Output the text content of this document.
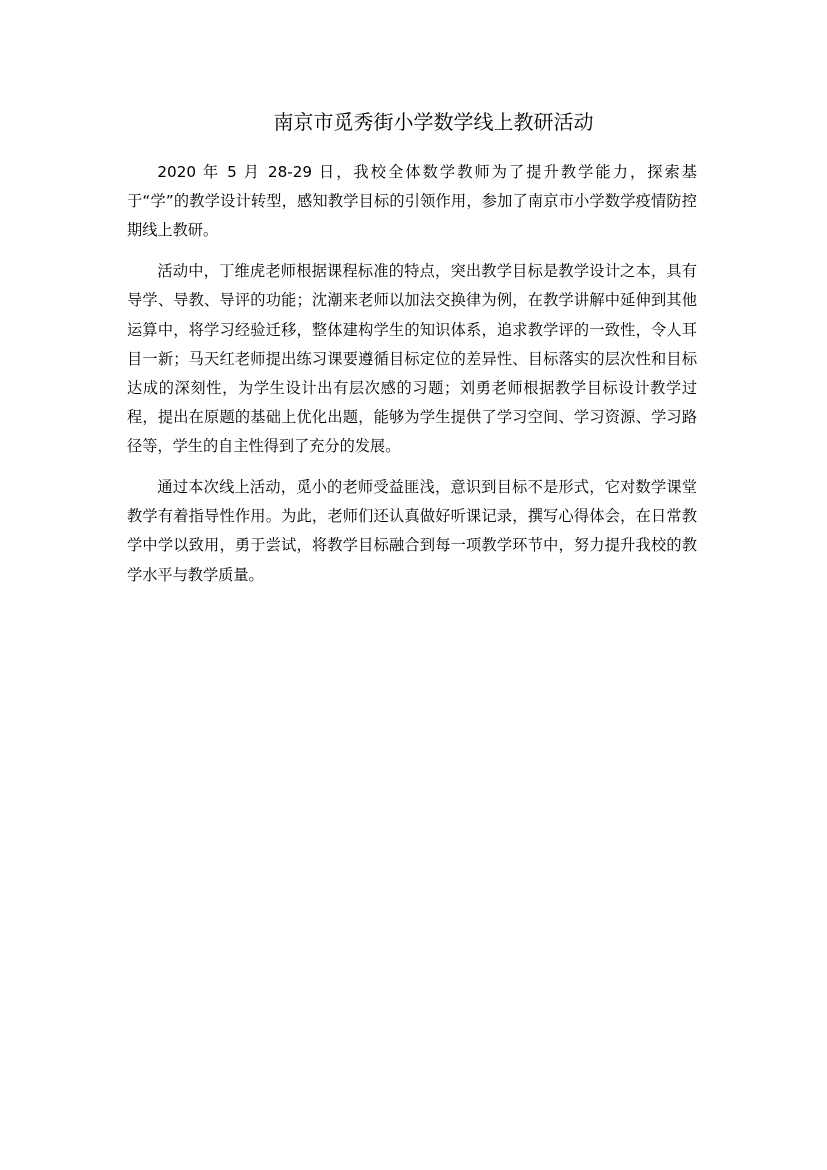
南京市觅秀街小学数学线上教研活动

2020 年 5 月 28-29 日，我校全体数学教师为了提升教学能力，探索基于“学”的教学设计转型，感知教学目标的引领作用，参加了南京市小学数学疫情防控期线上教研。

活动中，丁维虎老师根据课程标准的特点，突出教学目标是教学设计之本，具有导学、导教、导评的功能；沈潮来老师以加法交换律为例，在教学讲解中延伸到其他运算中，将学习经验迁移，整体建构学生的知识体系，追求教学评的一致性，令人耳目一新；马天红老师提出练习课要遵循目标定位的差异性、目标落实的层次性和目标达成的深刻性，为学生设计出有层次感的习题；刘勇老师根据教学目标设计教学过程，提出在原题的基础上优化出题，能够为学生提供了学习空间、学习资源、学习路径等，学生的自主性得到了充分的发展。

通过本次线上活动，觅小的老师受益匪浅，意识到目标不是形式，它对数学课堂教学有着指导性作用。为此，老师们还认真做好听课记录，撰写心得体会，在日常教学中学以致用，勇于尝试，将教学目标融合到每一项教学环节中，努力提升我校的教学水平与教学质量。
